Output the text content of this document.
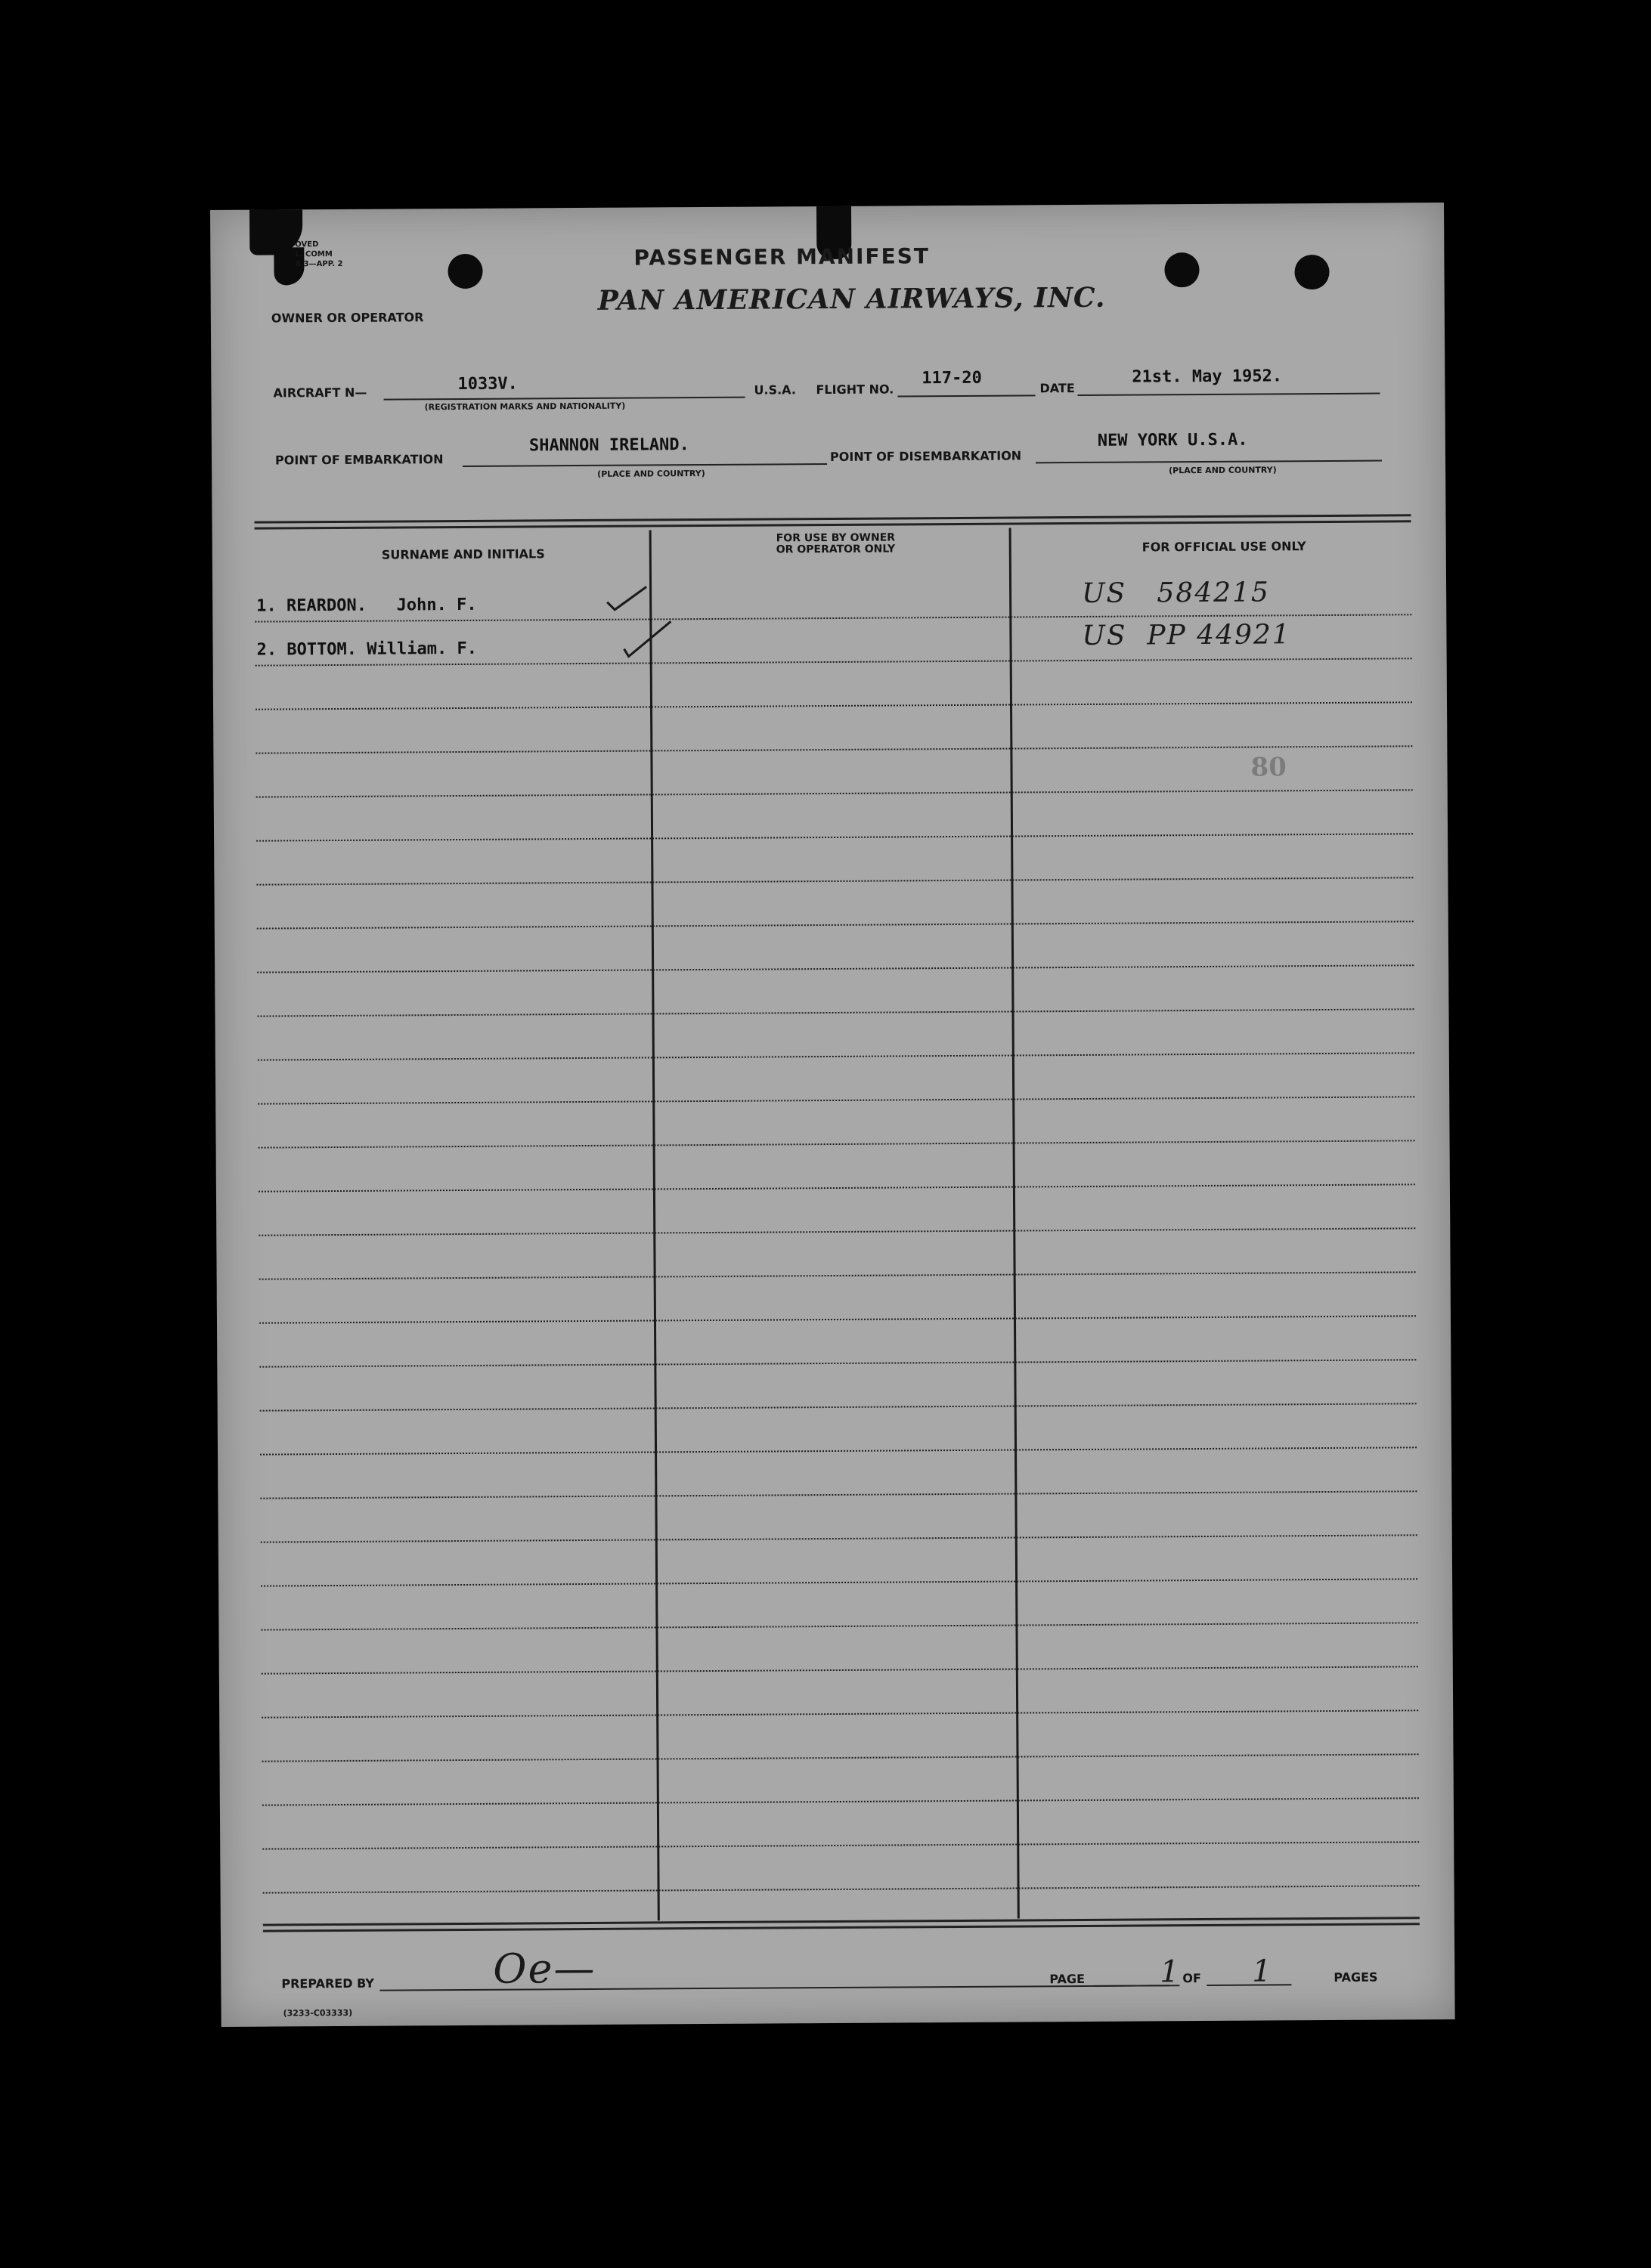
OVED
L. COMM
A 3—APP. 2	PASSENGER MANIFEST
PAN AMERICAN AIRWAYS, INC.
OWNER OR OPERATOR
AIRCRAFT N—	1033V.
(REGISTRATION MARKS AND NATIONALITY)
U.S.A. FLIGHT NO.
117-20
DATE
21st. May 1952.
POINT OF EMBARKATION
SHANNON IRELAND.
(PLACE AND COUNTRY)
POINT OF DISEMBARKATION
NEW YORK U.S.A.
(PLACE AND COUNTRY)
SURNAME AND INITIALS
FOR USE BY OWNER
OR OPERATOR ONLY	FOR OFFICIAL USE ONLY
1. REARDON.   John. F.	US   584215
2. BOTTOM. William. F.	US  PP 44921
80
PREPARED BY	Oe—	PAGE 1 OF 1	PAGES
(3233-C03333)
